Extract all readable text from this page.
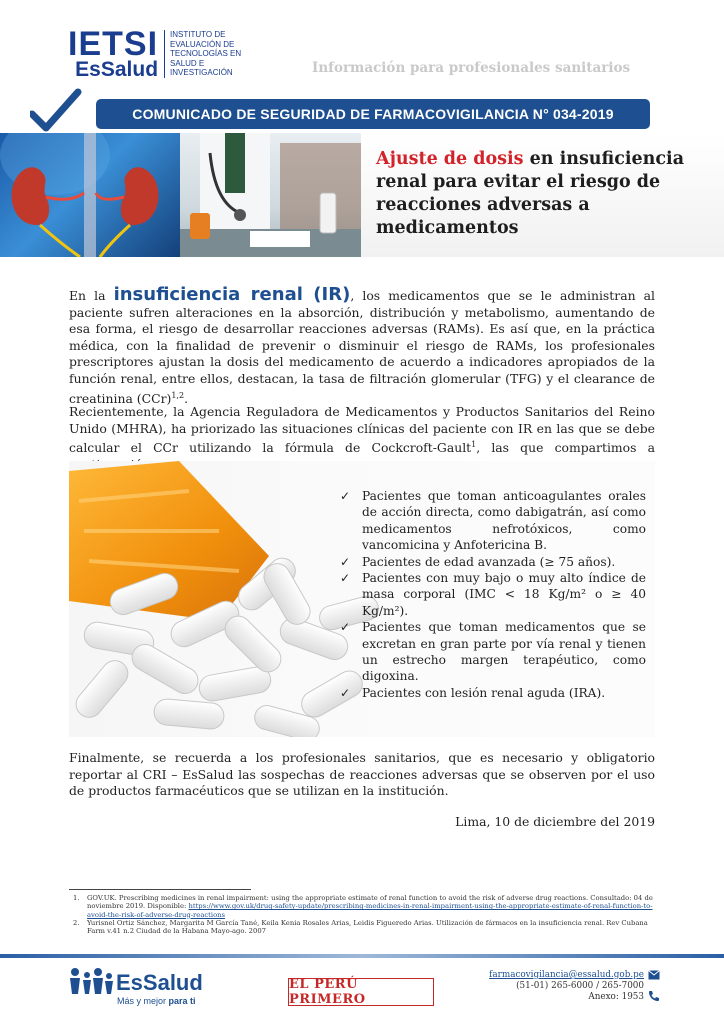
IETSI
EsSalud
INSTITUTO DE
EVALUACIÓN DE
TECNOLOGÍAS EN
SALUD E
INVESTIGACIÓN	Información para profesionales sanitarios
COMUNICADO DE SEGURIDAD DE FARMACOVIGILANCIA N° 034-2019
Ajuste de dosis en insuficiencia renal para evitar el riesgo de reacciones adversas a medicamentos

En la insuficiencia renal (IR), los medicamentos que se le administran al paciente sufren alteraciones en la absorción, distribución y metabolismo, aumentando de esa forma, el riesgo de desarrollar reacciones adversas (RAMs). Es así que, en la práctica médica, con la finalidad de prevenir o disminuir el riesgo de RAMs, los profesionales prescriptores ajustan la dosis del medicamento de acuerdo a indicadores apropiados de la función renal, entre ellos, destacan, la tasa de filtración glomerular (TFG) y el clearance de creatinina (CCr)$^{1,2}$.

Recientemente, la Agencia Reguladora de Medicamentos y Productos Sanitarios del Reino Unido (MHRA), ha priorizado las situaciones clínicas del paciente con IR en las que se debe calcular el CCr utilizando la fórmula de Cockcroft-Gault$^1$, las que compartimos a

✓ Pacientes que toman anticoagulantes orales de acción directa, como dabigatrán, así como medicamentos nefrotóxicos, como vancomicina y Anfotericina B.
✓ Pacientes de edad avanzada (≥ 75 años).
✓ Pacientes con muy bajo o muy alto índice de masa corporal (IMC < 18 Kg/m² o ≥ 40 Kg/m²).
✓ Pacientes que toman medicamentos que se excretan en gran parte por vía renal y tienen un estrecho margen terapéutico, como digoxina.
✓ Pacientes con lesión renal aguda (IRA).

Finalmente, se recuerda a los profesionales sanitarios, que es necesario y obligatorio reportar al CRI – EsSalud las sospechas de reacciones adversas que se observen por el uso de productos farmacéuticos que se utilizan en la institución.

Lima, 10 de diciembre del 2019
1. GOV.UK. Prescribing medicines in renal impairment: using the appropriate estimate of renal function to avoid the risk of adverse drug reactions. Consultado: 04 de noviembre 2019. Disponible: https://www.gov.uk/drug-safety-update/prescribing-medicines-in-renal-impairment-using-the-appropriate-estimate-of-renal-function-to-avoid-the-risk-of-adverse-drug-reactions
2. Yurisnel Ortiz Sánchez, Margarita M García Tané, Keila Kenia Rosales Arias, Leidis Figueredo Arias. Utilización de fármacos en la insuficiencia renal. Rev Cubana Farm v.41 n.2 Ciudad de la Habana Mayo-ago. 2007
EsSalud
Más y mejor para ti
EL PERÚ PRIMERO
farmacovigilancia@essalud.gob.pe
(51-01) 265-6000 / 265-7000
Anexo: 1953
